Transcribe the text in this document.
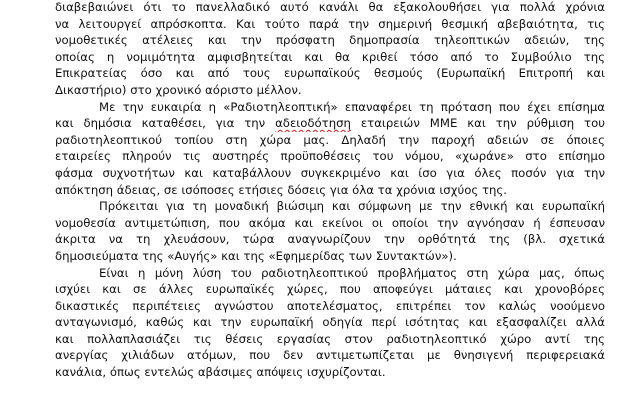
διαβεβαιώνει ότι το πανελλαδικό αυτό κανάλι θα εξακολουθήσει για πολλά χρόνια
να λειτουργεί απρόσκοπτα. Και τούτο παρά την σημερινή θεσμική αβεβαιότητα, τις
νομοθετικές ατέλειες και την πρόσφατη δημοπρασία τηλεοπτικών αδειών, της
οποίας η νομιμότητα αμφισβητείται και θα κριθεί τόσο από το Συμβούλιο της
Επικρατείας όσο και από τους ευρωπαϊκούς θεσμούς (Ευρωπαϊκή Επιτροπή και
Δικαστήριο) στο χρονικό αόριστο μέλλον.
Με την ευκαιρία η «Ραδιοτηλεοπτική» επαναφέρει τη πρόταση που έχει επίσημα
και δημόσια καταθέσει, για την αδειοδότηση εταιρειών ΜΜΕ και την ρύθμιση του
ραδιοτηλεοπτικού τοπίου στη χώρα μας. Δηλαδή την παροχή αδειών σε όποιες
εταιρείες πληρούν τις αυστηρές προϋποθέσεις του νόμου, «χωράνε» στο επίσημο
φάσμα συχνοτήτων και καταβάλλουν συγκεκριμένο και ίσο για όλες ποσόν για την
απόκτηση άδειας, σε ισόποσες ετήσιες δόσεις για όλα τα χρόνια ισχύος της.
Πρόκειται για τη μοναδική βιώσιμη και σύμφωνη με την εθνική και ευρωπαϊκή
νομοθεσία αντιμετώπιση, που ακόμα και εκείνοι οι οποίοι την αγνόησαν ή έσπευσαν
άκριτα να τη χλευάσουν, τώρα αναγνωρίζουν την ορθότητά της (βλ. σχετικά
δημοσιεύματα της «Αυγής» και της «Εφημερίδας των Συντακτών»).
Είναι η μόνη λύση του ραδιοτηλεοπτικού προβλήματος στη χώρα μας, όπως
ισχύει και σε άλλες ευρωπαϊκές χώρες, που αποφεύγει μάταιες και χρονοβόρες
δικαστικές περιπέτειες αγνώστου αποτελέσματος, επιτρέπει τον καλώς νοούμενο
ανταγωνισμό, καθώς και την ευρωπαϊκή οδηγία περί ισότητας και εξασφαλίζει αλλά
και πολλαπλασιάζει τις θέσεις εργασίας στον ραδιοτηλεοπτικό χώρο αντί της
ανεργίας χιλιάδων ατόμων, που δεν αντιμετωπίζεται με θνησιγενή περιφερειακά
κανάλια, όπως εντελώς αβάσιμες απόψεις ισχυρίζονται.
